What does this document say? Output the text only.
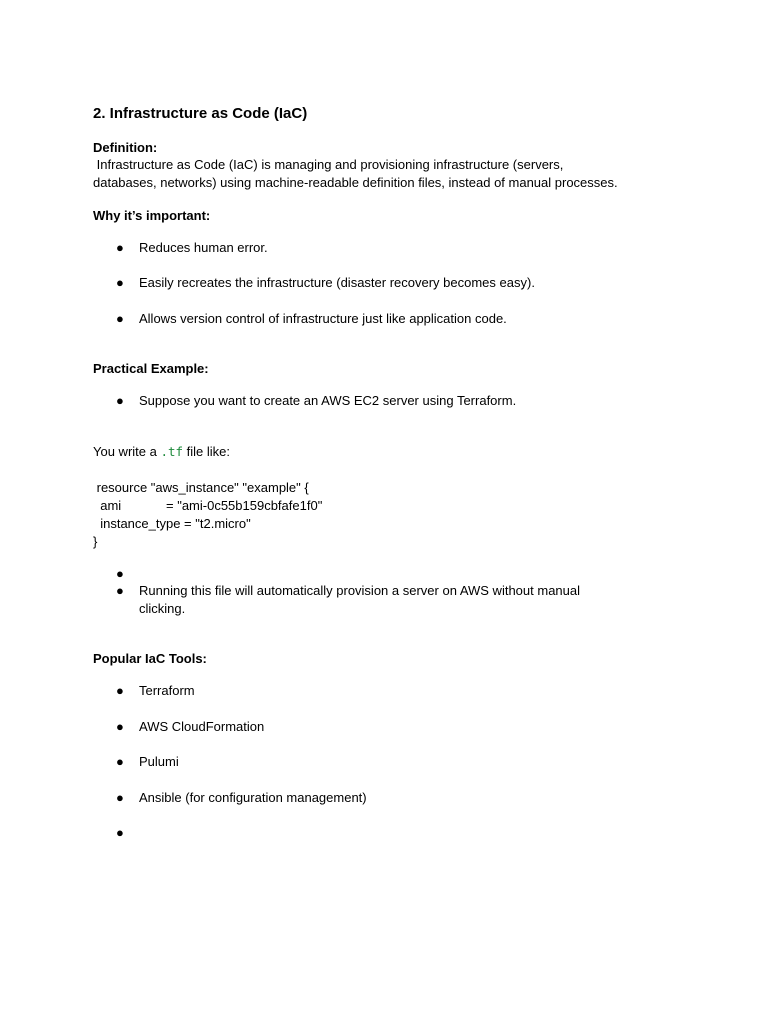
2. Infrastructure as Code (IaC)
Definition:
Infrastructure as Code (IaC) is managing and provisioning infrastructure (servers,
databases, networks) using machine-readable definition files, instead of manual processes.
Why it’s important:
● Reduces human error.
● Easily recreates the infrastructure (disaster recovery becomes easy).
● Allows version control of infrastructure just like application code.
Practical Example:
● Suppose you want to create an AWS EC2 server using Terraform.
You write a .tf file like:
resource "aws_instance" "example" {
ami	= "ami-0c55b159cbfafe1f0"
instance_type = "t2.micro"
}
●
● Running this file will automatically provision a server on AWS without manual
clicking.
Popular IaC Tools:
● Terraform
● AWS CloudFormation
● Pulumi
● Ansible (for configuration management)
●
